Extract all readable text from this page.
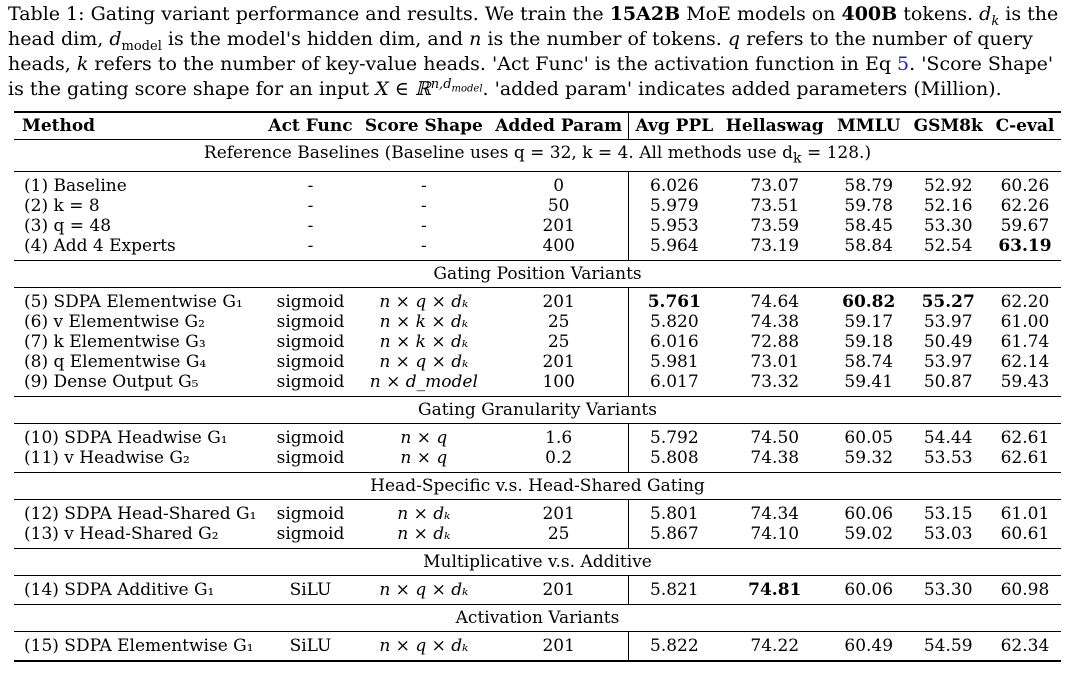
Table 1: Gating variant performance and results. We train the 15A2B MoE models on 400B tokens. $d_k$ is the head dim, $d_{model}$ is the model's hidden dim, and n is the number of tokens. q refers to the number of query heads, k refers to the number of key-value heads. 'Act Func' is the activation function in Eq 5. 'Score Shape' is the gating score shape for an input X ∈ ℝ$^{n,d_{model}}$. 'added param' indicates added parameters (Million).
Method	Act Func	Score Shape	Added Param	Avg PPL	Hellaswag	MMLU	GSM8k	C-eval
Reference Baselines (Baseline uses q = 32, k = 4. All methods use $d_k = 128$.)								
(1) Baseline	-	-	0	6.026	73.07	58.79	52.92	60.26
(2) k = 8	-	-	50	5.979	73.51	59.78	52.16	62.26
(3) q = 48	-	-	201	5.953	73.59	58.45	53.30	59.67
(4) Add 4 Experts	-	-	400	5.964	73.19	58.84	52.54	63.19
Gating Position Variants								
(5) SDPA Elementwise G₁	sigmoid	n × q × dₖ	201	5.761	74.64	60.82	55.27	62.20
(6) v Elementwise G₂	sigmoid	n × k × dₖ	25	5.820	74.38	59.17	53.97	61.00
(7) k Elementwise G₃	sigmoid	n × k × dₖ	25	6.016	72.88	59.18	50.49	61.74
(8) q Elementwise G₄	sigmoid	n × q × dₖ	201	5.981	73.01	58.74	53.97	62.14
(9) Dense Output G₅	sigmoid	n × d_model	100	6.017	73.32	59.41	50.87	59.43
Gating Granularity Variants								
(10) SDPA Headwise G₁	sigmoid	n × q	1.6	5.792	74.50	60.05	54.44	62.61
(11) v Headwise G₂	sigmoid	n × q	0.2	5.808	74.38	59.32	53.53	62.61
Head-Specific v.s. Head-Shared Gating								
(12) SDPA Head-Shared G₁	sigmoid	n × dₖ	201	5.801	74.34	60.06	53.15	61.01
(13) v Head-Shared G₂	sigmoid	n × dₖ	25	5.867	74.10	59.02	53.03	60.61
Multiplicative v.s. Additive								
(14) SDPA Additive G₁	SiLU	n × q × dₖ	201	5.821	74.81	60.06	53.30	60.98
Activation Variants								
(15) SDPA Elementwise G₁	SiLU	n × q × dₖ	201	5.822	74.22	60.49	54.59	62.34
